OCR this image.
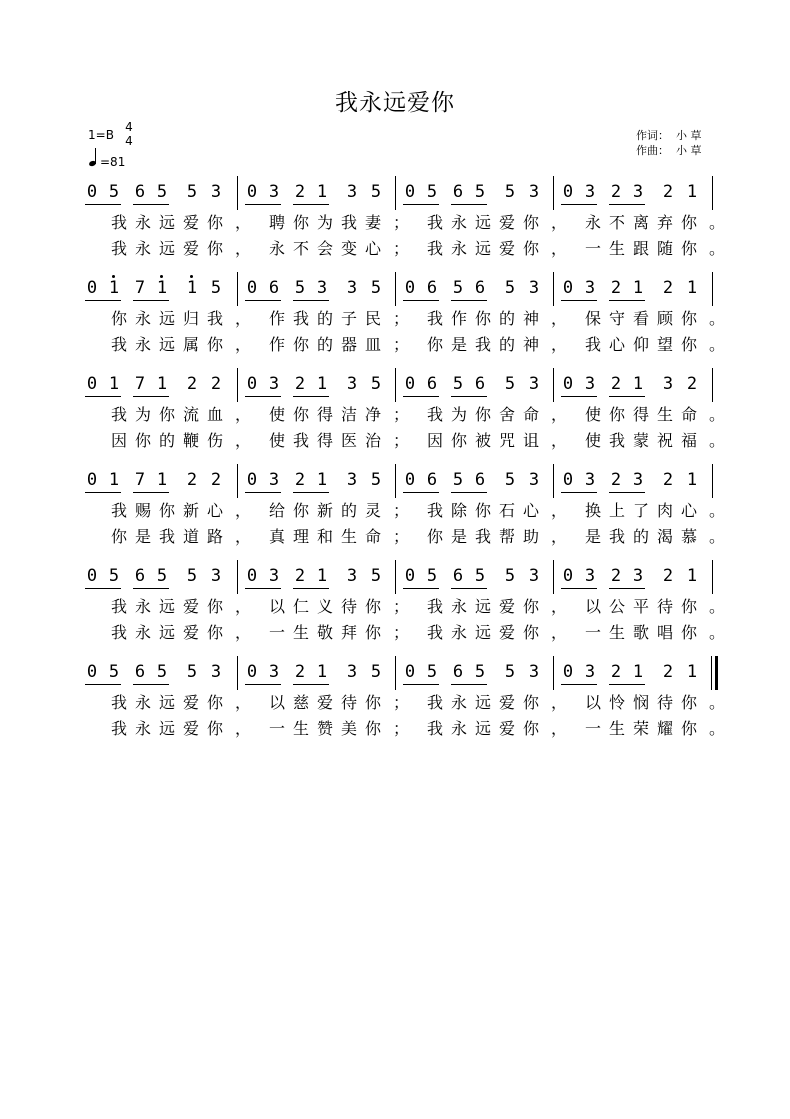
我永远爱你
1=B
4
4
=81
作词： 小 草
作曲： 小 草
0 5 6 5 5 3 0 3 2 1 3 5 0 5 6 5 5 3 0 3 2 3 2 1
我 永 远 爱 你 ， 聘 你 为 我 妻 ； 我 永 远 爱 你 ， 永 不 离 弃 你 。
我 永 远 爱 你 ， 永 不 会 变 心 ； 我 永 远 爱 你 ， 一 生 跟 随 你 。
0 1 7 1 1 5 0 6 5 3 3 5 0 6 5 6 5 3 0 3 2 1 2 1
你 永 远 归 我 ， 作 我 的 子 民 ； 我 作 你 的 神 ， 保 守 看 顾 你 。
我 永 远 属 你 ， 作 你 的 器 皿 ； 你 是 我 的 神 ， 我 心 仰 望 你 。
0 1 7 1 2 2 0 3 2 1 3 5 0 6 5 6 5 3 0 3 2 1 3 2
我 为 你 流 血 ， 使 你 得 洁 净 ； 我 为 你 舍 命 ， 使 你 得 生 命 。
因 你 的 鞭 伤 ， 使 我 得 医 治 ； 因 你 被 咒 诅 ， 使 我 蒙 祝 福 。
0 1 7 1 2 2 0 3 2 1 3 5 0 6 5 6 5 3 0 3 2 3 2 1
我 赐 你 新 心 ， 给 你 新 的 灵 ； 我 除 你 石 心 ， 换 上 了 肉 心 。
你 是 我 道 路 ， 真 理 和 生 命 ； 你 是 我 帮 助 ， 是 我 的 渴 慕 。
0 5 6 5 5 3 0 3 2 1 3 5 0 5 6 5 5 3 0 3 2 3 2 1
我 永 远 爱 你 ， 以 仁 义 待 你 ； 我 永 远 爱 你 ， 以 公 平 待 你 。
我 永 远 爱 你 ， 一 生 敬 拜 你 ； 我 永 远 爱 你 ， 一 生 歌 唱 你 。
0 5 6 5 5 3 0 3 2 1 3 5 0 5 6 5 5 3 0 3 2 1 2 1
我 永 远 爱 你 ， 以 慈 爱 待 你 ； 我 永 远 爱 你 ， 以 怜 悯 待 你 。
我 永 远 爱 你 ， 一 生 赞 美 你 ； 我 永 远 爱 你 ， 一 生 荣 耀 你 。
